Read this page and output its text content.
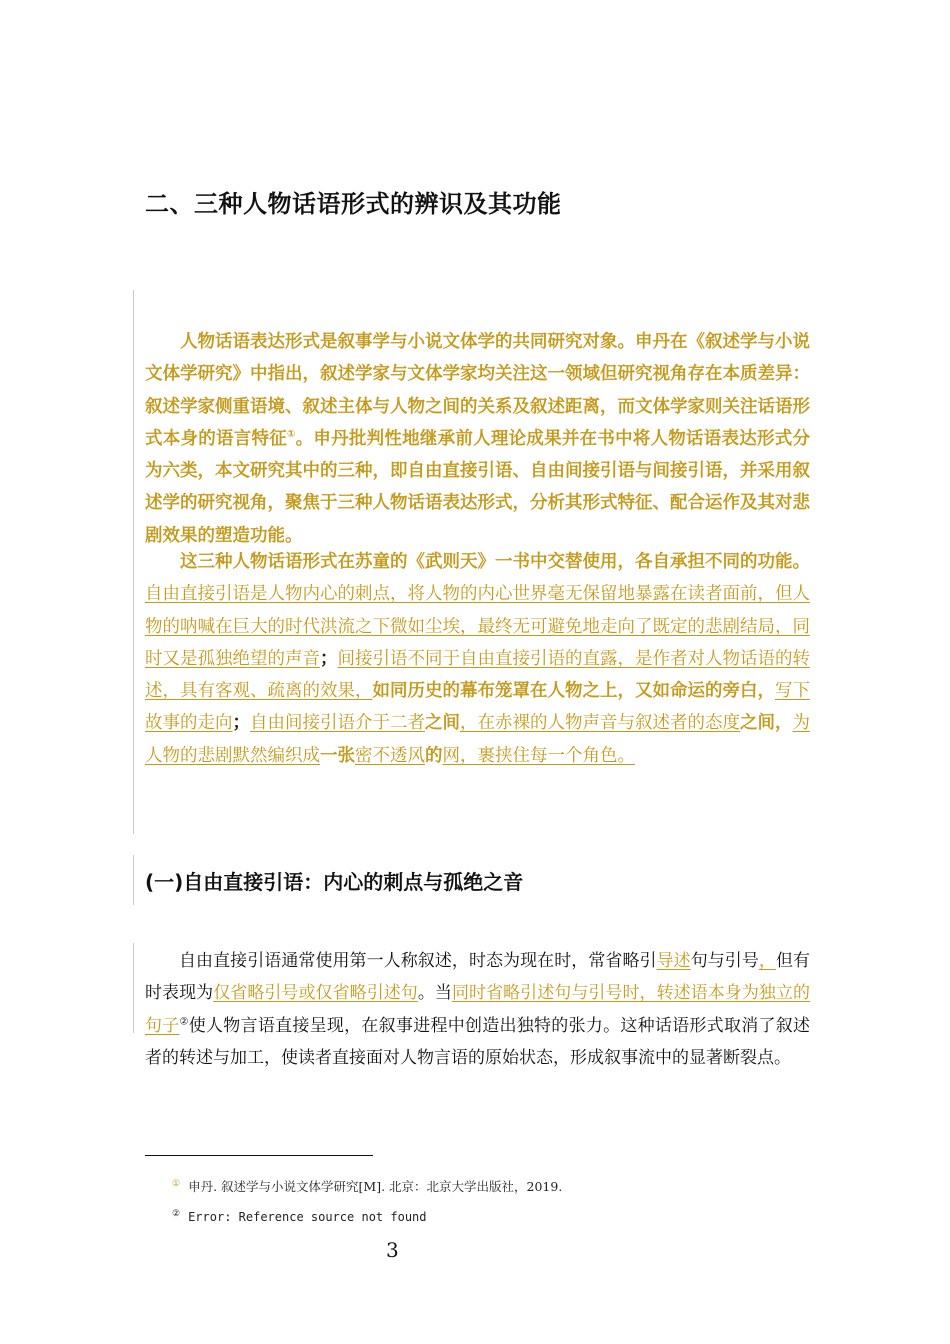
二、三种人物话语形式的辨识及其功能

人物话语表达形式是叙事学与小说文体学的共同研究对象。申丹在《叙述学与小说文体学研究》中指出，叙述学家与文体学家均关注这一领域但研究视角存在本质差异：叙述学家侧重语境、叙述主体与人物之间的关系及叙述距离，而文体学家则关注话语形式本身的语言特征①。申丹批判性地继承前人理论成果并在书中将人物话语表达形式分为六类，本文研究其中的三种，即自由直接引语、自由间接引语与间接引语，并采用叙述学的研究视角，聚焦于三种人物话语表达形式，分析其形式特征、配合运作及其对悲剧效果的塑造功能。

这三种人物话语形式在苏童的《武则天》一书中交替使用，各自承担不同的功能。自由直接引语是人物内心的刺点，将人物的内心世界毫无保留地暴露在读者面前，但人物的呐喊在巨大的时代洪流之下微如尘埃，最终无可避免地走向了既定的悲剧结局，同时又是孤独绝望的声音；间接引语不同于自由直接引语的直露，是作者对人物话语的转述，具有客观、疏离的效果，如同历史的幕布笼罩在人物之上，又如命运的旁白，写下故事的走向；自由间接引语介于二者之间，在赤裸的人物声音与叙述者的态度之间，为人物的悲剧默然编织成一张密不透风的网，裹挟住每一个角色。

(一)自由直接引语：内心的刺点与孤绝之音

自由直接引语通常使用第一人称叙述，时态为现在时，常省略引导述句与引号，但有时表现为仅省略引号或仅省略引述句。当同时省略引述句与引号时，转述语本身为独立的句子②使人物言语直接呈现，在叙事进程中创造出独特的张力。这种话语形式取消了叙述者的转述与加工，使读者直接面对人物言语的原始状态，形成叙事流中的显著断裂点。

① 申丹. 叙述学与小说文体学研究[M]. 北京：北京大学出版社，2019.
② Error: Reference source not found
3
